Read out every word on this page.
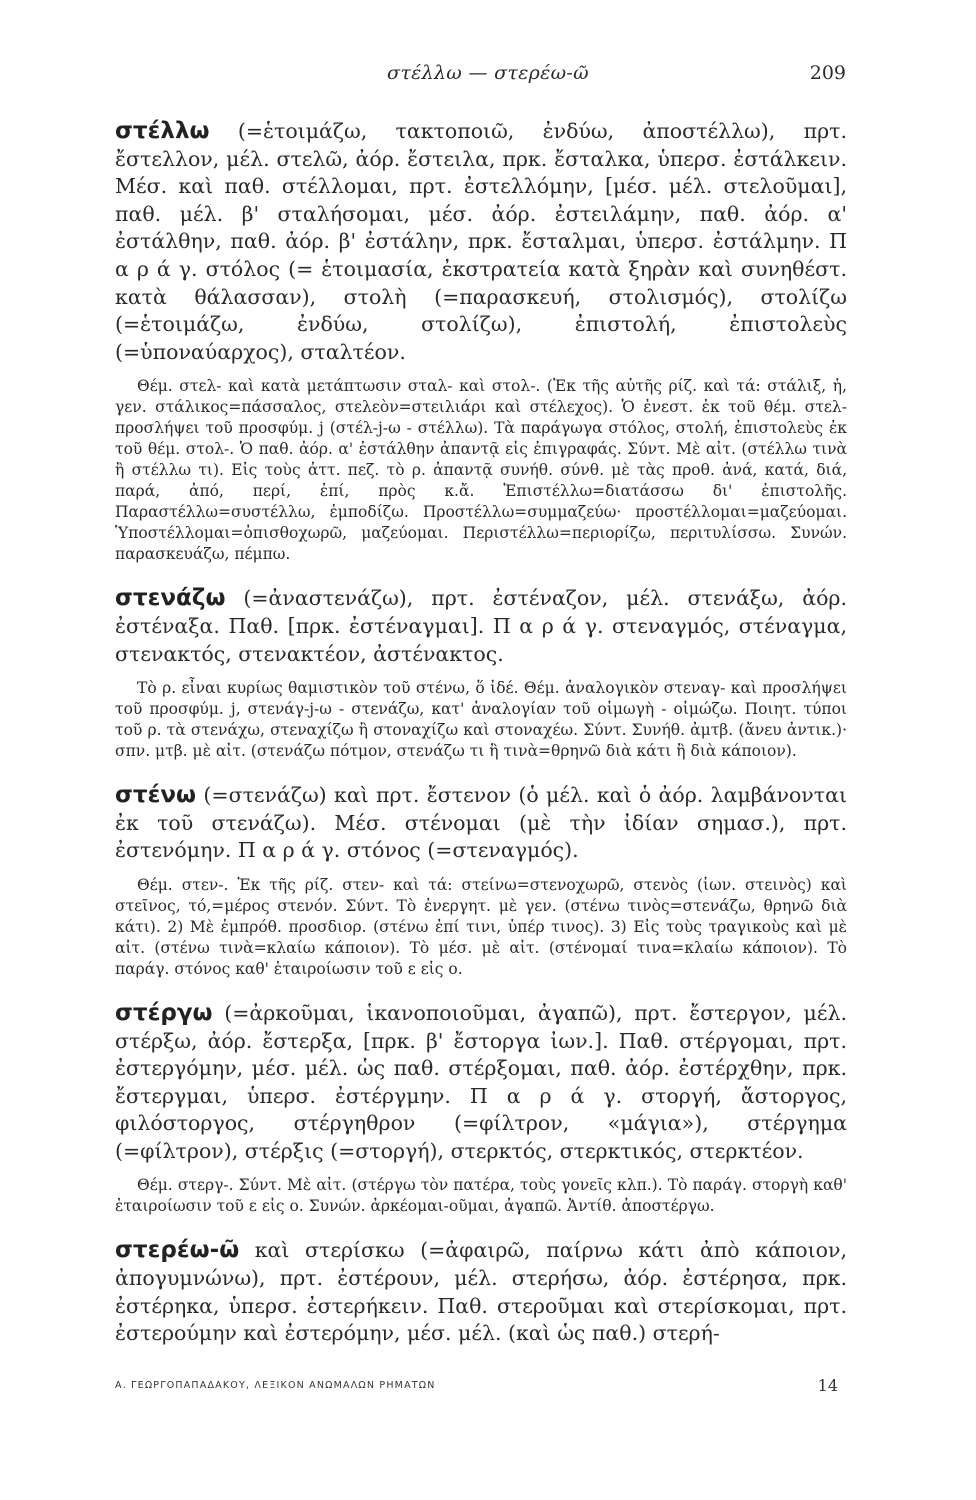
στέλλω — στερέω-ῶ	209

στέλλω (=ἑτοιμάζω, τακτοποιῶ, ἐνδύω, ἀποστέλλω), πρτ. ἔστελλον, μέλ. στελῶ, ἀόρ. ἔστειλα, πρκ. ἔσταλκα, ὑπερσ. ἐστάλκειν. Μέσ. καὶ παθ. στέλλομαι, πρτ. ἐστελλόμην, [μέσ. μέλ. στελοῦμαι], παθ. μέλ. β' σταλήσομαι, μέσ. ἀόρ. ἐστειλάμην, παθ. ἀόρ. α' ἐστάλθην, παθ. ἀόρ. β' ἐστάλην, πρκ. ἔσταλμαι, ὑπερσ. ἐστάλμην. Π α ρ ά γ. στόλος (= ἑτοιμασία, ἐκστρατεία κατὰ ξηρὰν καὶ συνηθέστ. κατὰ θάλασσαν), στολὴ (=παρασκευή, στολισμός), στολίζω (=ἑτοιμάζω, ἐνδύω, στολίζω), ἐπιστολή, ἐπιστολεὺς (=ὑποναύαρχος), σταλτέον.

Θέμ. στελ- καὶ κατὰ μετάπτωσιν σταλ- καὶ στολ-. (Ἐκ τῆς αὐτῆς ρίζ. καὶ τά: στάλιξ, ἡ, γεν. στάλικος=πάσσαλος, στελεὸν=στειλιάρι καὶ στέλεχος). Ὁ ἐνεστ. ἐκ τοῦ θέμ. στελ- προσλήψει τοῦ προσφύμ. j (στέλ-j-ω - στέλλω). Τὰ παράγωγα στόλος, στολή, ἐπιστολεὺς ἐκ τοῦ θέμ. στολ-. Ὁ παθ. ἀόρ. α' ἐστάλθην ἀπαντᾷ εἰς ἐπιγραφάς. Σύντ. Μὲ αἰτ. (στέλλω τινὰ ἢ στέλλω τι). Εἰς τοὺς ἀττ. πεζ. τὸ ρ. ἀπαντᾷ συνήθ. σύνθ. μὲ τὰς προθ. ἀνά, κατά, διά, παρά, ἀπό, περί, ἐπί, πρὸς κ.ἄ. Ἐπιστέλλω=διατάσσω δι' ἐπιστολῆς. Παραστέλλω=συστέλλω, ἐμποδίζω. Προστέλλω=συμμαζεύω· προστέλλομαι=μαζεύομαι. Ὑποστέλλομαι=ὀπισθοχωρῶ, μαζεύομαι. Περιστέλλω=περιορίζω, περιτυλίσσω. Συνών. παρασκευάζω, πέμπω.

στενάζω (=ἀναστενάζω), πρτ. ἐστέναζον, μέλ. στενάξω, ἀόρ. ἐστέναξα. Παθ. [πρκ. ἐστέναγμαι]. Π α ρ ά γ. στεναγμός, στέναγμα, στενακτός, στενακτέον, ἀστένακτος.

Τὸ ρ. εἶναι κυρίως θαμιστικὸν τοῦ στένω, ὅ ἰδέ. Θέμ. ἀναλογικὸν στεναγ- καὶ προσλήψει τοῦ προσφύμ. j, στενάγ-j-ω - στενάζω, κατ' ἀναλογίαν τοῦ οἰμωγὴ - οἰμώζω. Ποιητ. τύποι τοῦ ρ. τὰ στενάχω, στεναχίζω ἢ στοναχίζω καὶ στοναχέω. Σύντ. Συνήθ. ἀμτβ. (ἄνευ ἀντικ.)· σπν. μτβ. μὲ αἰτ. (στενάζω πότμον, στενάζω τι ἢ τινὰ=θρηνῶ διὰ κάτι ἢ διὰ κάποιον).

στένω (=στενάζω) καὶ πρτ. ἔστενον (ὁ μέλ. καὶ ὁ ἀόρ. λαμβάνονται ἐκ τοῦ στενάζω). Μέσ. στένομαι (μὲ τὴν ἰδίαν σημασ.), πρτ. ἐστενόμην. Π α ρ ά γ. στόνος (=στεναγμός).

Θέμ. στεν-. Ἐκ τῆς ρίζ. στεν- καὶ τά: στείνω=στενοχωρῶ, στενὸς (ἰων. στεινὸς) καὶ στεῖνος, τό,=μέρος στενόν. Σύντ. Τὸ ἐνεργητ. μὲ γεν. (στένω τινὸς=στενάζω, θρηνῶ διὰ κάτι). 2) Μὲ ἐμπρόθ. προσδιορ. (στένω ἐπί τινι, ὑπέρ τινος). 3) Εἰς τοὺς τραγικοὺς καὶ μὲ αἰτ. (στένω τινὰ=κλαίω κάποιον). Τὸ μέσ. μὲ αἰτ. (στένομαί τινα=κλαίω κάποιον). Τὸ παράγ. στόνος καθ' ἑταιροίωσιν τοῦ ε εἰς ο.

στέργω (=ἀρκοῦμαι, ἱκανοποιοῦμαι, ἀγαπῶ), πρτ. ἔστεργον, μέλ. στέρξω, ἀόρ. ἔστερξα, [πρκ. β' ἔστοργα ἰων.]. Παθ. στέργομαι, πρτ. ἐστεργόμην, μέσ. μέλ. ὡς παθ. στέρξομαι, παθ. ἀόρ. ἐστέρχθην, πρκ. ἔστεργμαι, ὑπερσ. ἐστέργμην. Π α ρ ά γ. στοργή, ἄστοργος, φιλόστοργος, στέργηθρον (=φίλτρον, «μάγια»), στέργημα (=φίλτρον), στέρξις (=στοργή), στερκτός, στερκτικός, στερκτέον.

Θέμ. στεργ-. Σύντ. Μὲ αἰτ. (στέργω τὸν πατέρα, τοὺς γονεῖς κλπ.). Τὸ παράγ. στοργὴ καθ' ἑταιροίωσιν τοῦ ε εἰς ο. Συνών. ἀρκέομαι-οῦμαι, ἀγαπῶ. Ἀντίθ. ἀποστέργω.

στερέω-ῶ καὶ στερίσκω (=ἀφαιρῶ, παίρνω κάτι ἀπὸ κάποιον, ἀπογυμνώνω), πρτ. ἐστέρουν, μέλ. στερήσω, ἀόρ. ἐστέρησα, πρκ. ἐστέρηκα, ὑπερσ. ἐστερήκειν. Παθ. στεροῦμαι καὶ στερίσκομαι, πρτ. ἐστερούμην καὶ ἐστερόμην, μέσ. μέλ. (καὶ ὡς παθ.) στερή-

Α. ΓΕΩΡΓΟΠΑΠΑΔΑΚΟΥ, ΛΕΞΙΚΟΝ ΑΝΩΜΑΛΩΝ ΡΗΜΑΤΩΝ	14
